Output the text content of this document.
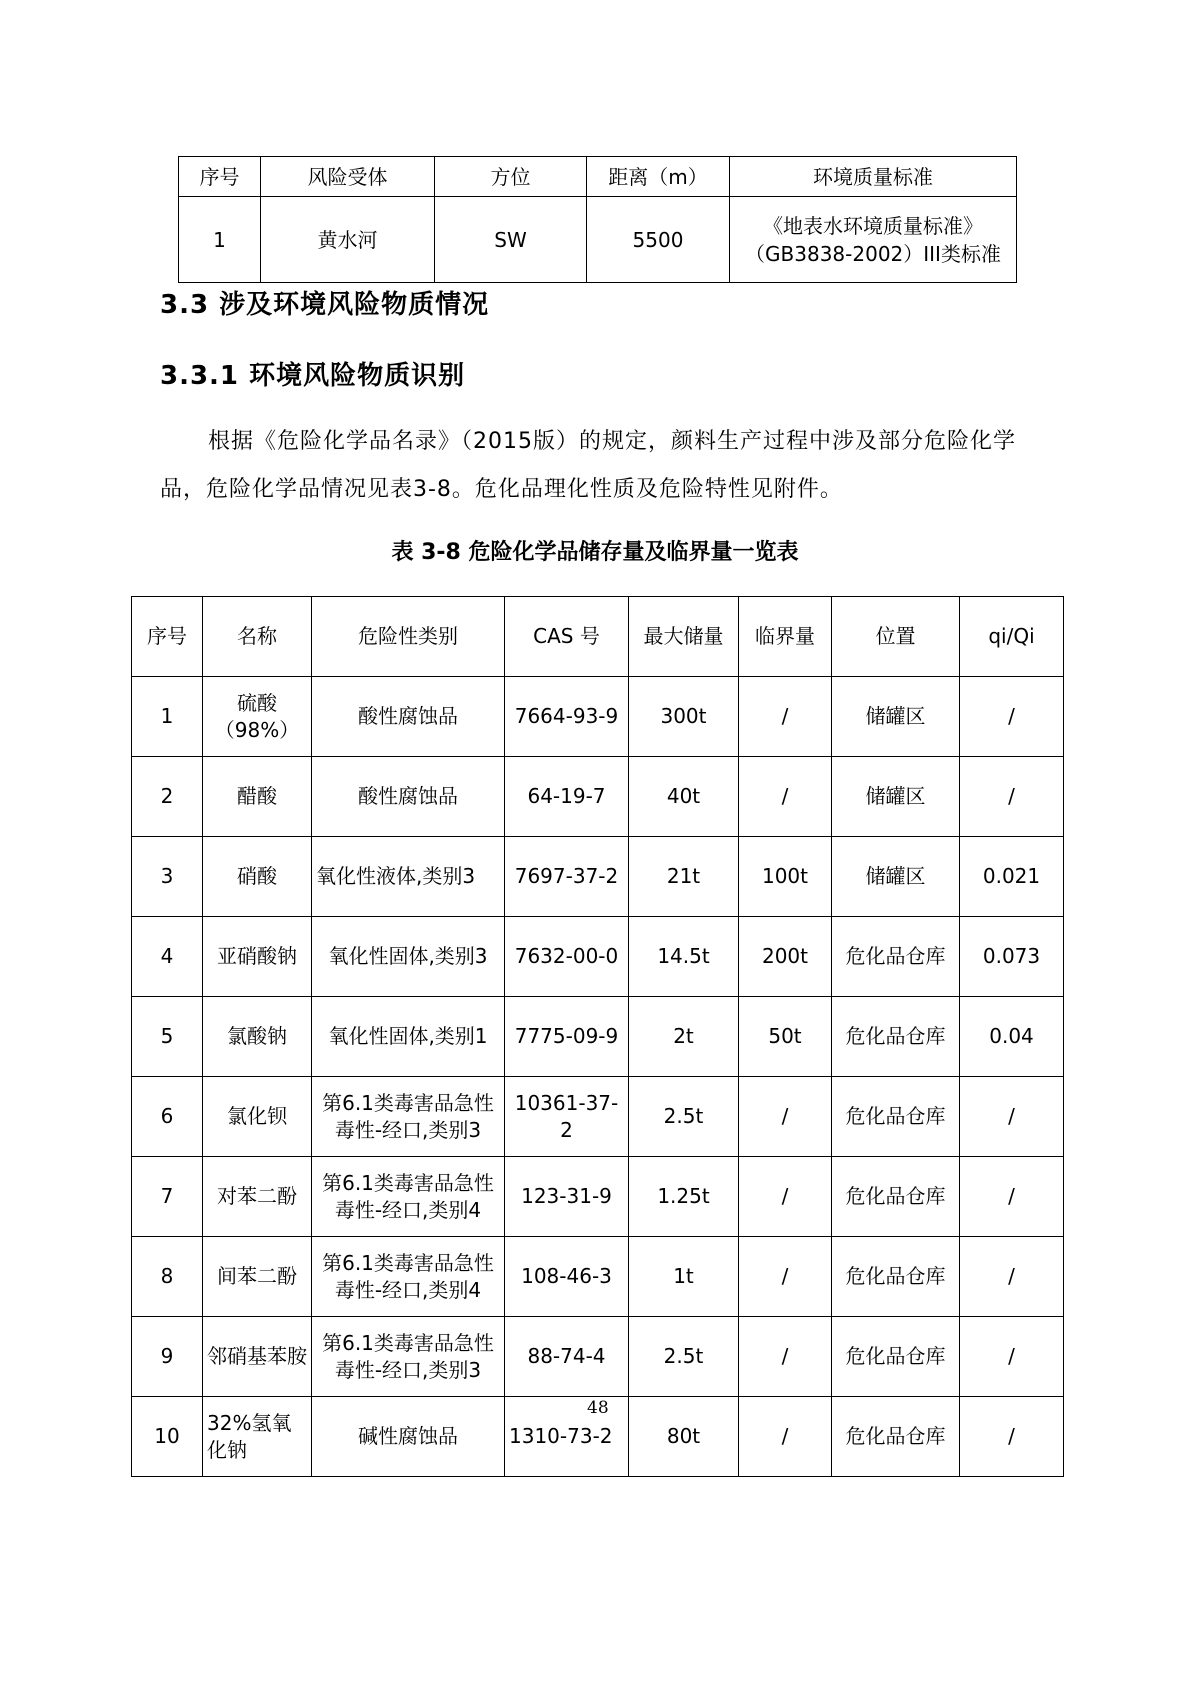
序号	风险受体	方位	距离（m）	环境质量标准
1	黄水河	SW	5500	《地表水环境质量标准》（GB3838-2002）III类标准
3.3 涉及环境风险物质情况
3.3.1 环境风险物质识别
根据《危险化学品名录》（2015版）的规定，颜料生产过程中涉及部分危险化学品，危险化学品情况见表3-8。危化品理化性质及危险特性见附件。
表 3-8 危险化学品储存量及临界量一览表
序号	名称	危险性类别	CAS 号	最大储量	临界量	位置	qi/Qi
1	硫酸（98%）	酸性腐蚀品	7664-93-9	300t	/	储罐区	/
2	醋酸	酸性腐蚀品	64-19-7	40t	/	储罐区	/
3	硝酸	氧化性液体,类别3	7697-37-2	21t	100t	储罐区	0.021
4	亚硝酸钠	氧化性固体,类别3	7632-00-0	14.5t	200t	危化品仓库	0.073
5	氯酸钠	氧化性固体,类别1	7775-09-9	2t	50t	危化品仓库	0.04
6	氯化钡	第6.1类毒害品急性毒性-经口,类别3	10361-37-2	2.5t	/	危化品仓库	/
7	对苯二酚	第6.1类毒害品急性毒性-经口,类别4	123-31-9	1.25t	/	危化品仓库	/
8	间苯二酚	第6.1类毒害品急性毒性-经口,类别4	108-46-3	1t	/	危化品仓库	/
9	邻硝基苯胺	第6.1类毒害品急性毒性-经口,类别3	88-74-4	2.5t	/	危化品仓库	/
10	32%氢氧化钠	碱性腐蚀品	1310-73-2	80t	/	危化品仓库	/
48
